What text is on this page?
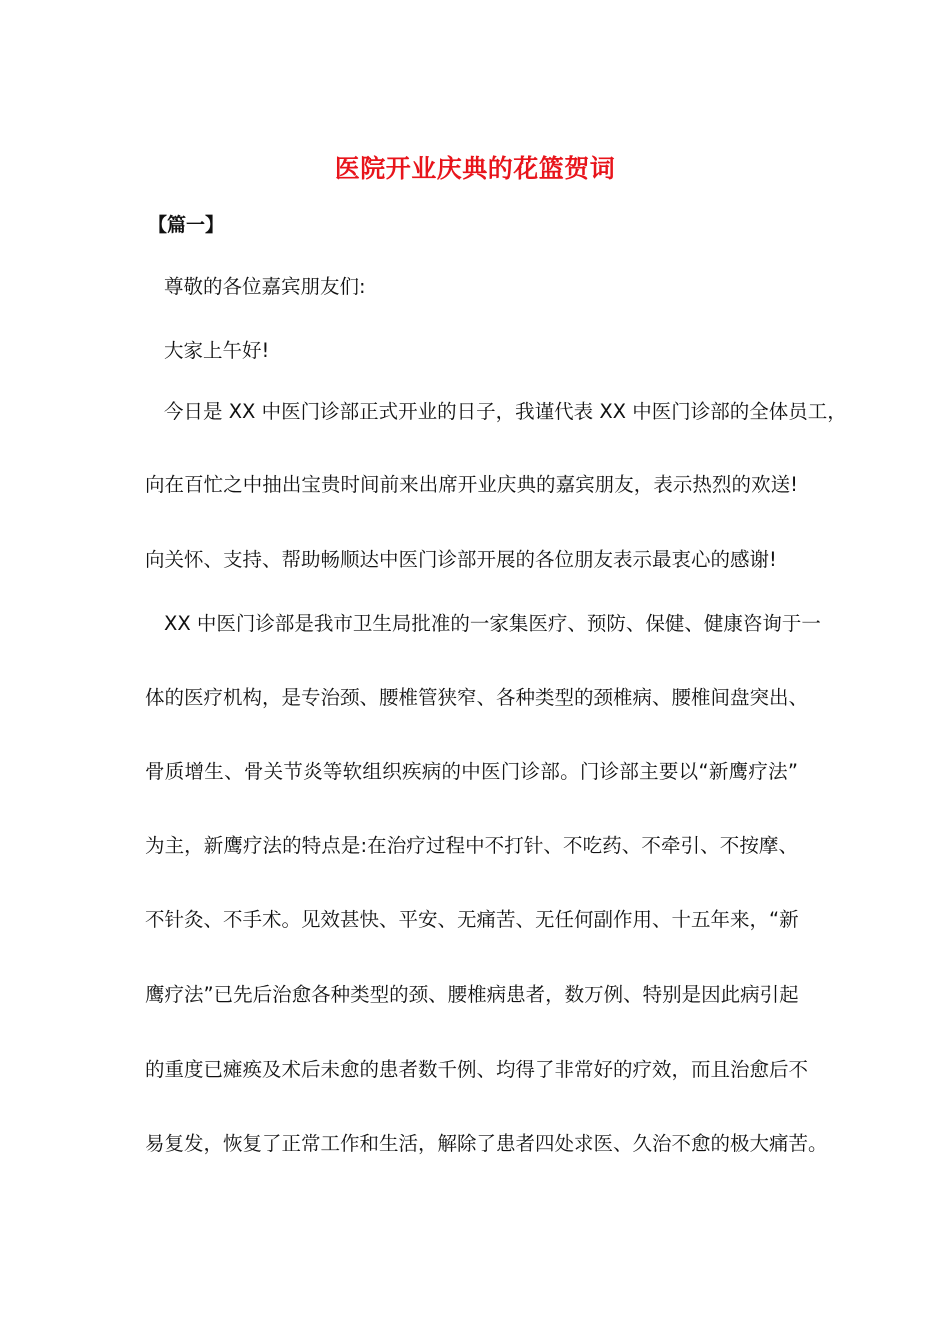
医院开业庆典的花篮贺词
【篇一】
尊敬的各位嘉宾朋友们:
大家上午好!
今日是 XX 中医门诊部正式开业的日子，我谨代表 XX 中医门诊部的全体员工，
向在百忙之中抽出宝贵时间前来出席开业庆典的嘉宾朋友，表示热烈的欢送!
向关怀、支持、帮助畅顺达中医门诊部开展的各位朋友表示最衷心的感谢!
XX 中医门诊部是我市卫生局批准的一家集医疗、预防、保健、健康咨询于一
体的医疗机构，是专治颈、腰椎管狭窄、各种类型的颈椎病、腰椎间盘突出、
骨质增生、骨关节炎等软组织疾病的中医门诊部。门诊部主要以“新鹰疗法”
为主，新鹰疗法的特点是:在治疗过程中不打针、不吃药、不牵引、不按摩、
不针灸、不手术。见效甚快、平安、无痛苦、无任何副作用、十五年来，“新
鹰疗法”已先后治愈各种类型的颈、腰椎病患者，数万例、特别是因此病引起
的重度已瘫痪及术后未愈的患者数千例、均得了非常好的疗效，而且治愈后不
易复发，恢复了正常工作和生活，解除了患者四处求医、久治不愈的极大痛苦。
